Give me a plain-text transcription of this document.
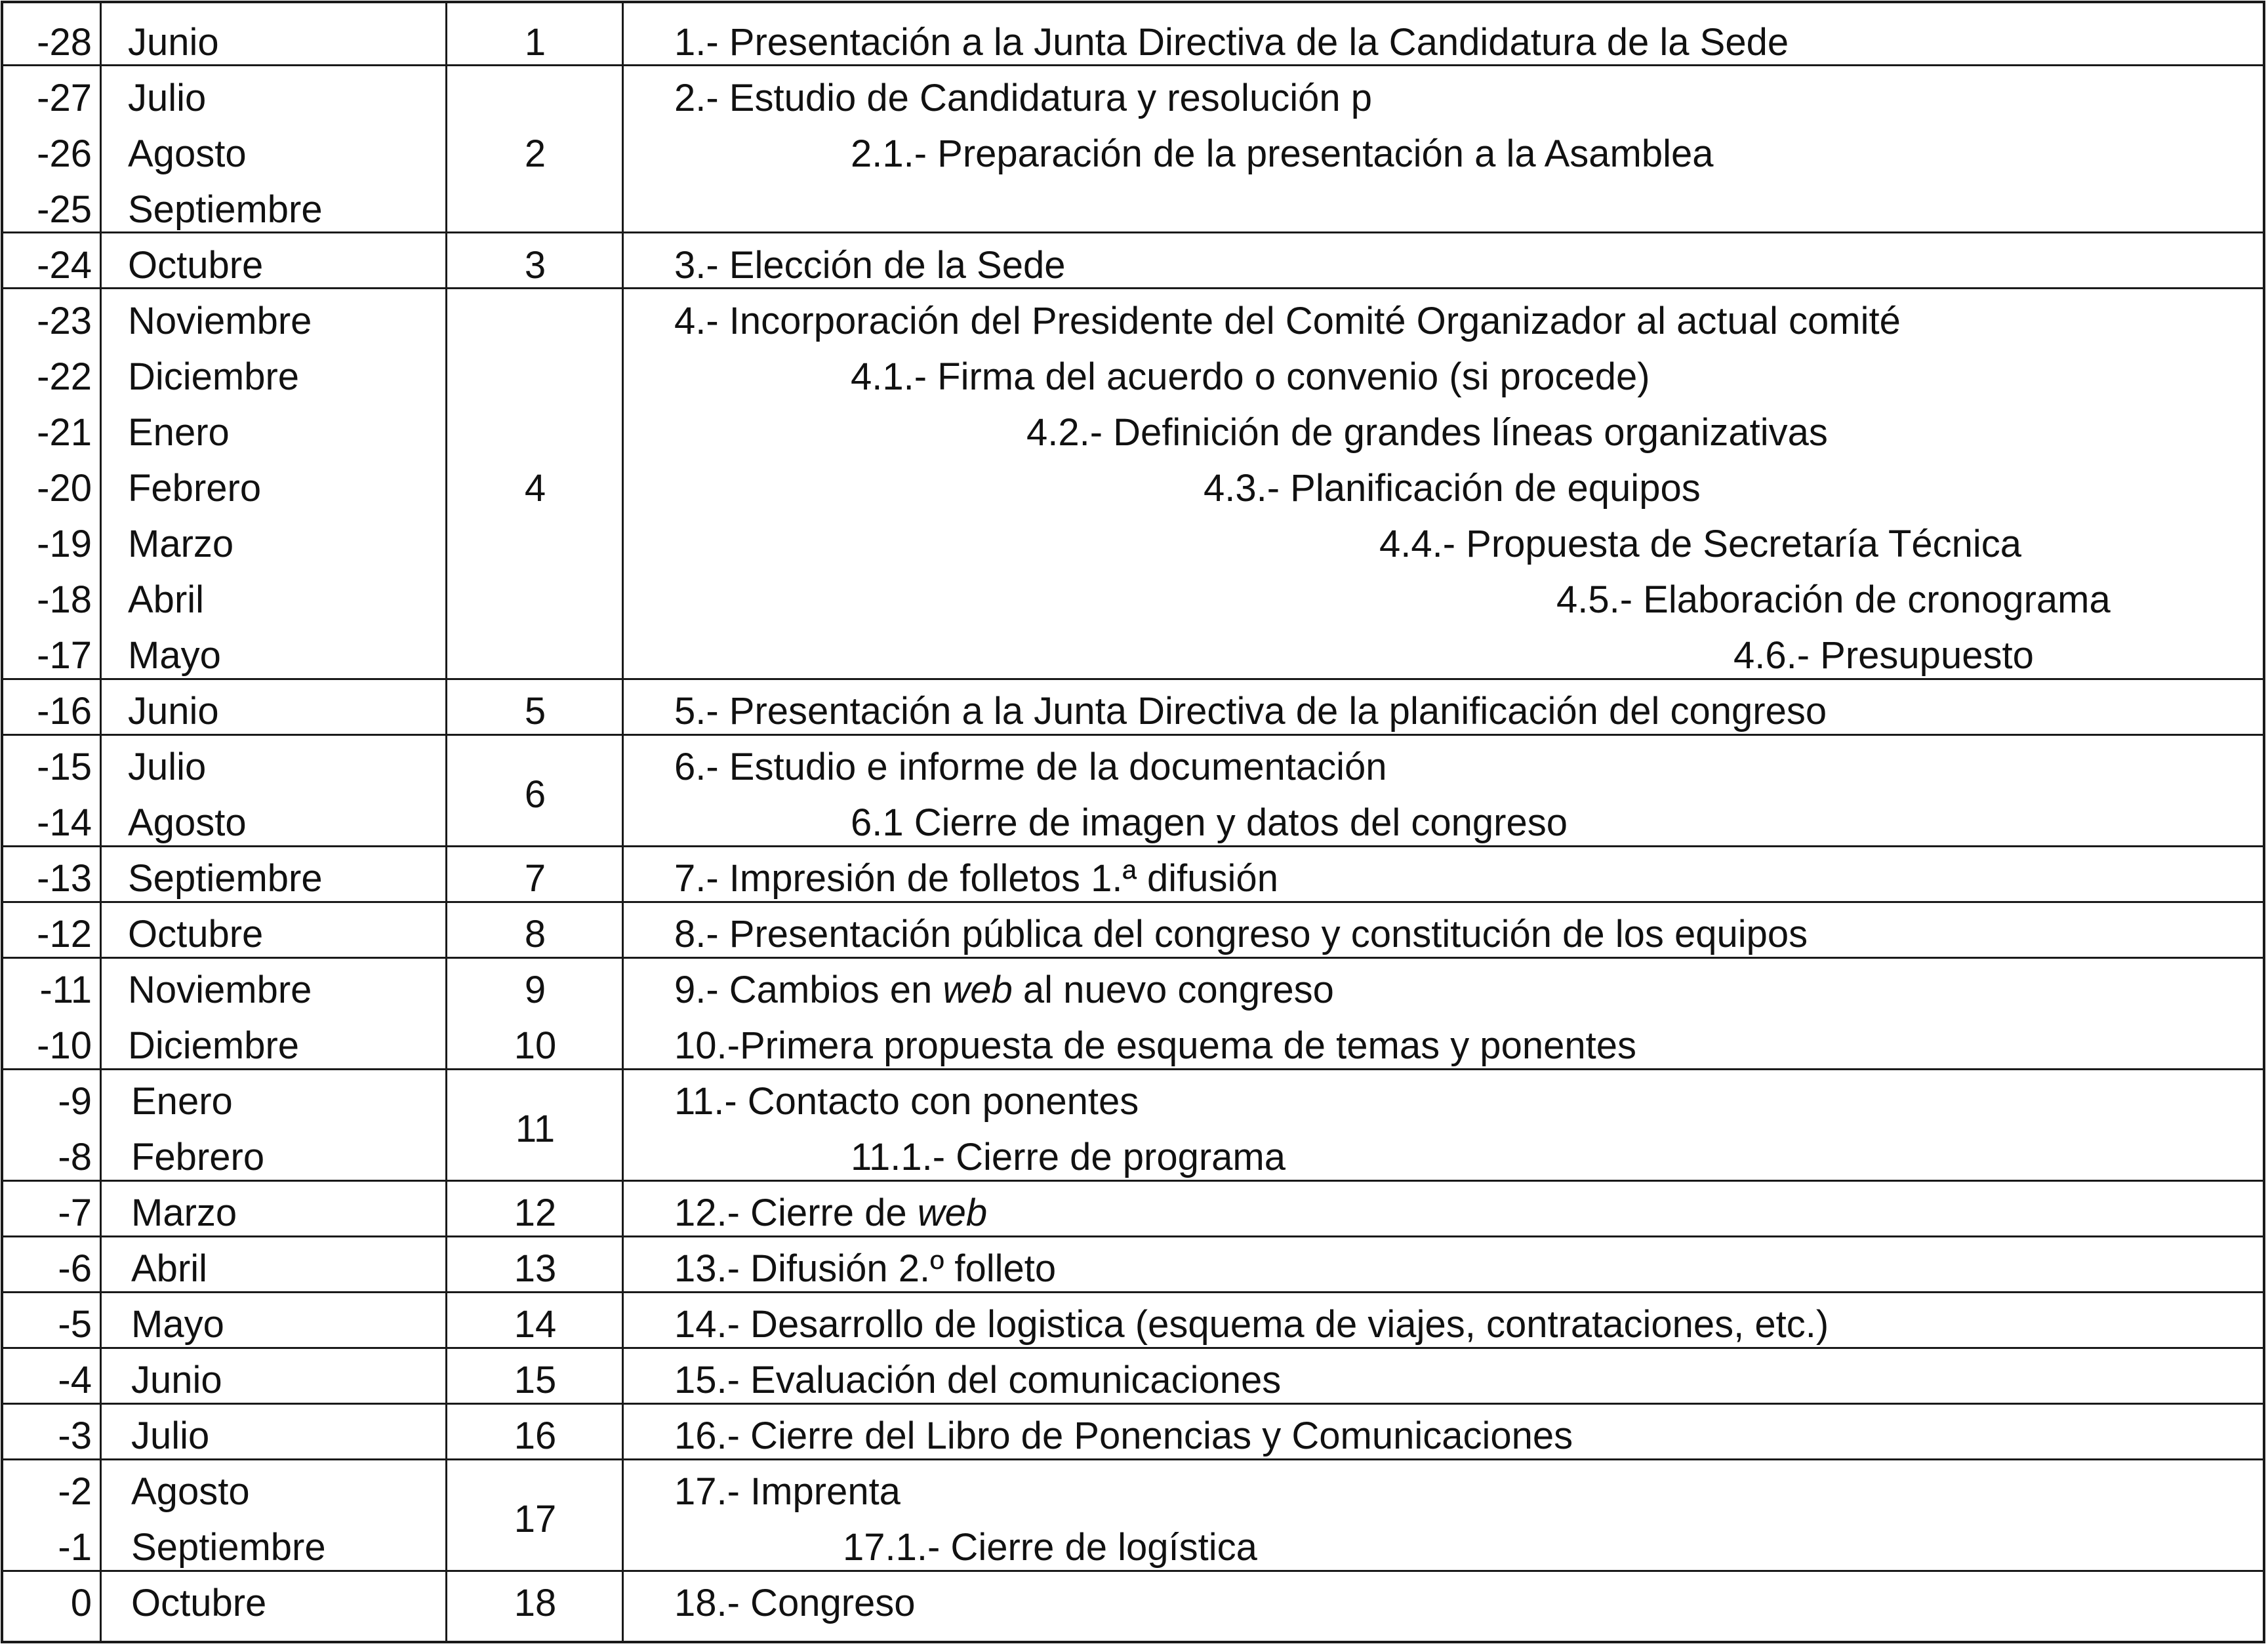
-28
-27
-26
-25
-24
-23
-22
-21
-20
-19
-18
-17
-16
-15
-14
-13
-12
-11
-10
-9
-8
-7
-6
-5
-4
-3
-2
-1
0
Junio
Julio
Agosto
Septiembre
Octubre
Noviembre
Diciembre
Enero
Febrero
Marzo
Abril
Mayo
Junio
Julio
Agosto
Septiembre
Octubre
Noviembre
Diciembre
Enero
Febrero
Marzo
Abril
Mayo
Junio
Julio
Agosto
Septiembre
Octubre
1
2
3
4
5
6
7
8
9
10
11
12
13
14
15
16
17
18
1.- Presentación a la Junta Directiva de la Candidatura de la Sede
2.- Estudio de Candidatura y resolución p
2.1.- Preparación de la presentación a la Asamblea
3.- Elección de la Sede
4.- Incorporación del Presidente del Comité Organizador al actual comité
4.1.- Firma del acuerdo o convenio (si procede)
4.2.- Definición de grandes líneas organizativas
4.3.- Planificación de equipos
4.4.- Propuesta de Secretaría Técnica
4.5.- Elaboración de cronograma
4.6.- Presupuesto
5.- Presentación a la Junta Directiva de la planificación del congreso
6.- Estudio e informe de la documentación
6.1 Cierre de imagen y datos del congreso
7.- Impresión de folletos 1.ª difusión
8.- Presentación pública del congreso y constitución de los equipos
9.- Cambios en web al nuevo congreso
10.-Primera propuesta de esquema de temas y ponentes
11.- Contacto con ponentes
11.1.- Cierre de programa
12.- Cierre de web
13.- Difusión 2.º folleto
14.- Desarrollo de logistica (esquema de viajes, contrataciones, etc.)
15.- Evaluación del comunicaciones
16.- Cierre del Libro de Ponencias y Comunicaciones
17.- Imprenta
17.1.- Cierre de logística
18.- Congreso
